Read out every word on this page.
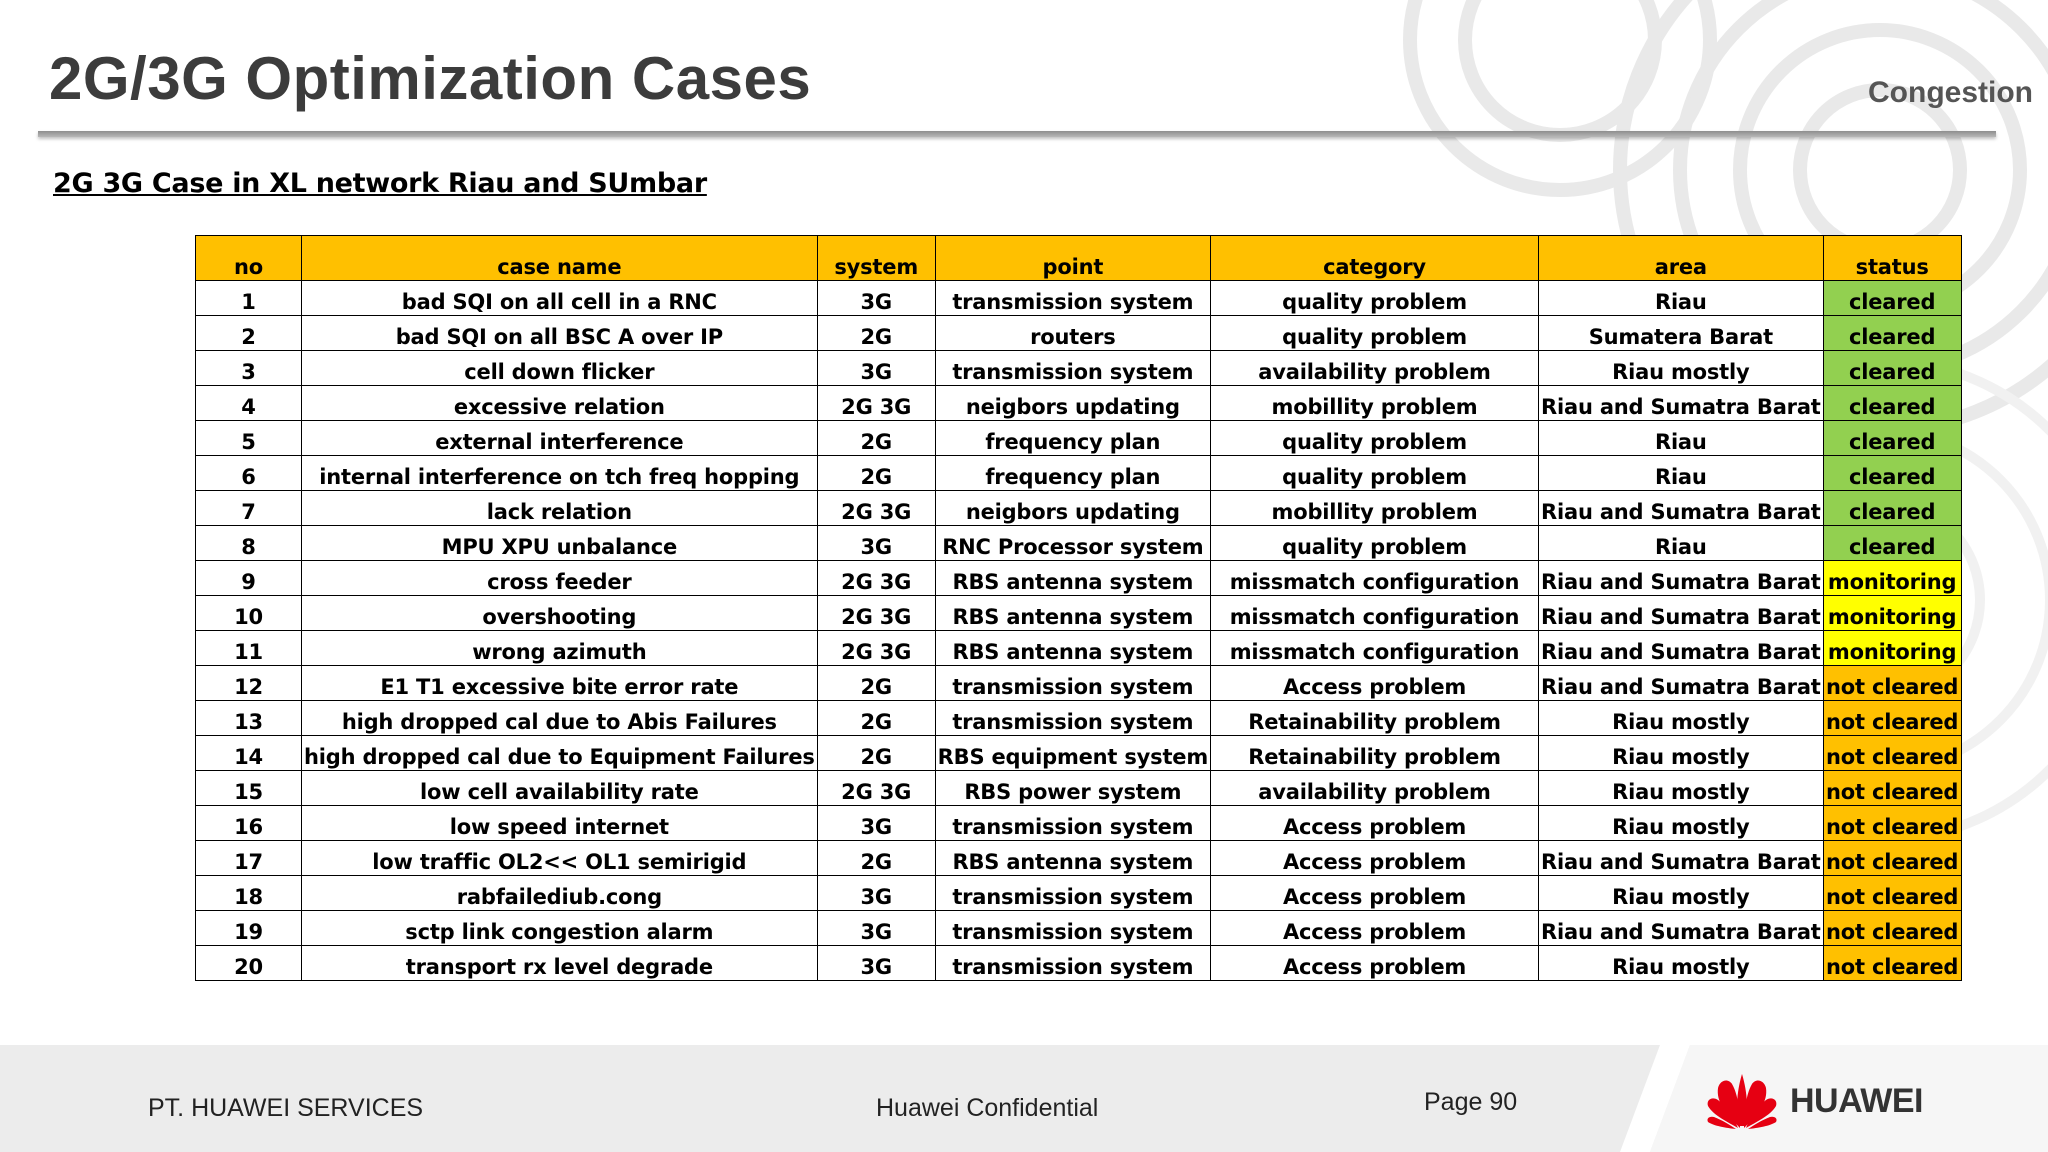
2G/3G Optimization Cases	Congestion
2G 3G Case in XL network Riau and SUmbar
no	case name	system	point	category	area	status
1	bad SQI on all cell in a RNC	3G	transmission system	quality problem	Riau	cleared
2	bad SQI on all BSC A over IP	2G	routers	quality problem	Sumatera Barat	cleared
3	cell down flicker	3G	transmission system	availability problem	Riau mostly	cleared
4	excessive relation	2G 3G	neigbors updating	mobillity problem	Riau and Sumatra Barat	cleared
5	external interference	2G	frequency plan	quality problem	Riau	cleared
6	internal interference on tch freq hopping	2G	frequency plan	quality problem	Riau	cleared
7	lack relation	2G 3G	neigbors updating	mobillity problem	Riau and Sumatra Barat	cleared
8	MPU XPU unbalance	3G	RNC Processor system	quality problem	Riau	cleared
9	cross feeder	2G 3G	RBS antenna system	missmatch configuration	Riau and Sumatra Barat	monitoring
10	overshooting	2G 3G	RBS antenna system	missmatch configuration	Riau and Sumatra Barat	monitoring
11	wrong azimuth	2G 3G	RBS antenna system	missmatch configuration	Riau and Sumatra Barat	monitoring
12	E1 T1 excessive bite error rate	2G	transmission system	Access problem	Riau and Sumatra Barat	not cleared
13	high dropped cal due to Abis Failures	2G	transmission system	Retainability problem	Riau mostly	not cleared
14	high dropped cal due to Equipment Failures	2G	RBS equipment system	Retainability problem	Riau mostly	not cleared
15	low cell availability rate	2G 3G	RBS power system	availability problem	Riau mostly	not cleared
16	low speed internet	3G	transmission system	Access problem	Riau mostly	not cleared
17	low traffic OL2<< OL1 semirigid	2G	RBS antenna system	Access problem	Riau and Sumatra Barat	not cleared
18	rabfailediub.cong	3G	transmission system	Access problem	Riau mostly	not cleared
19	sctp link congestion alarm	3G	transmission system	Access problem	Riau and Sumatra Barat	not cleared
20	transport rx level degrade	3G	transmission system	Access problem	Riau mostly	not cleared
PT. HUAWEI SERVICES	Huawei Confidential	Page 90	HUAWEI
